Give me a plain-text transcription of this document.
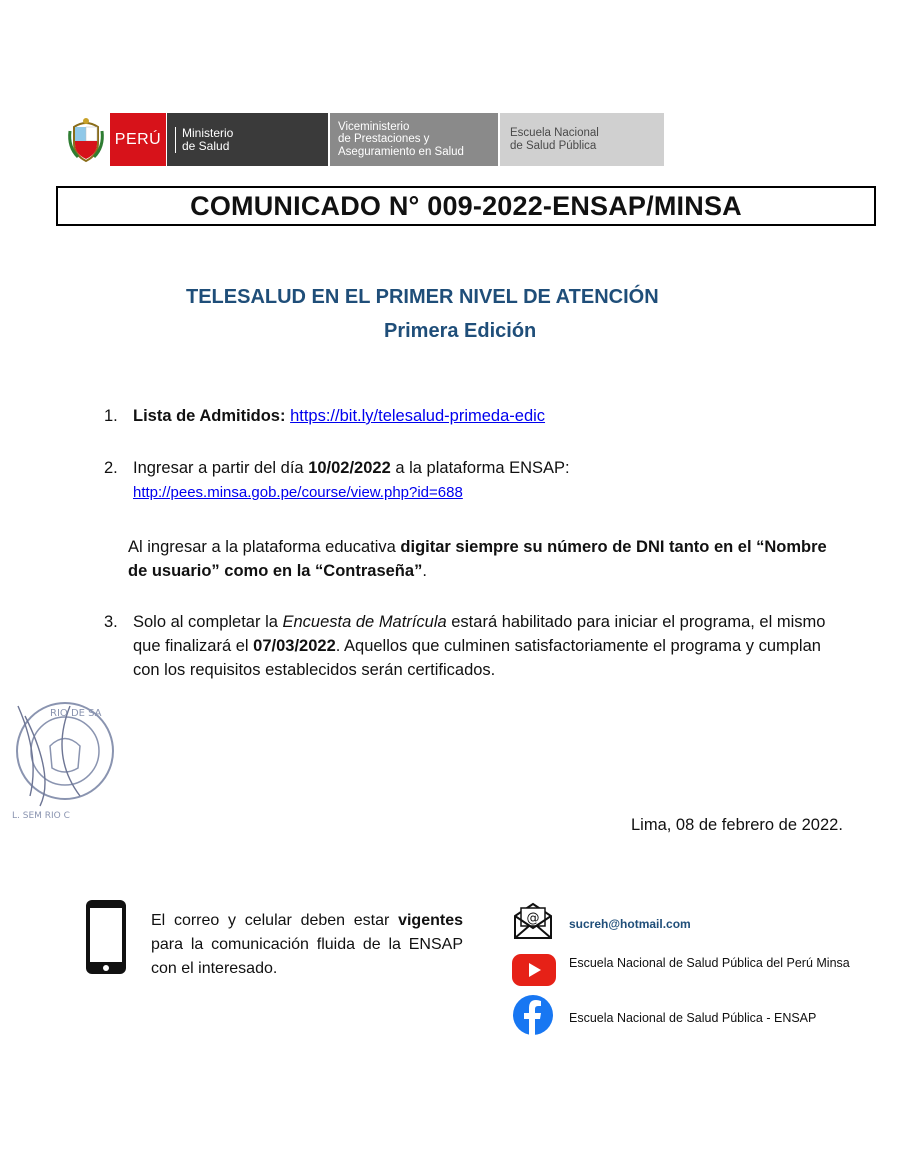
PERÚ	Ministerio
de Salud
Viceministerio
de Prestaciones y
Aseguramiento en Salud
Escuela Nacional
de Salud Pública
COMUNICADO N° 009-2022-ENSAP/MINSA
TELESALUD EN EL PRIMER NIVEL DE ATENCIÓN
Primera Edición
1. Lista de Admitidos: https://bit.ly/telesalud-primeda-edic
2. Ingresar a partir del día 10/02/2022 a la plataforma ENSAP:
http://pees.minsa.gob.pe/course/view.php?id=688
Al ingresar a la plataforma educativa digitar siempre su número de DNI tanto en el “Nombre de usuario” como en la “Contraseña”.
3. Solo al completar la Encuesta de Matrícula estará habilitado para iniciar el programa, el mismo que finalizará el 07/03/2022. Aquellos que culminen satisfactoriamente el programa y cumplan con los requisitos establecidos serán certificados.
RIO DE SA
L. SEM RIO C	Lima, 08 de febrero de 2022.
El correo y celular deben estar vigentes para la comunicación fluida de la ENSAP con el interesado.
@ sucreh@hotmail.com
Escuela Nacional de Salud Pública del Perú Minsa
Escuela Nacional de Salud Pública - ENSAP
